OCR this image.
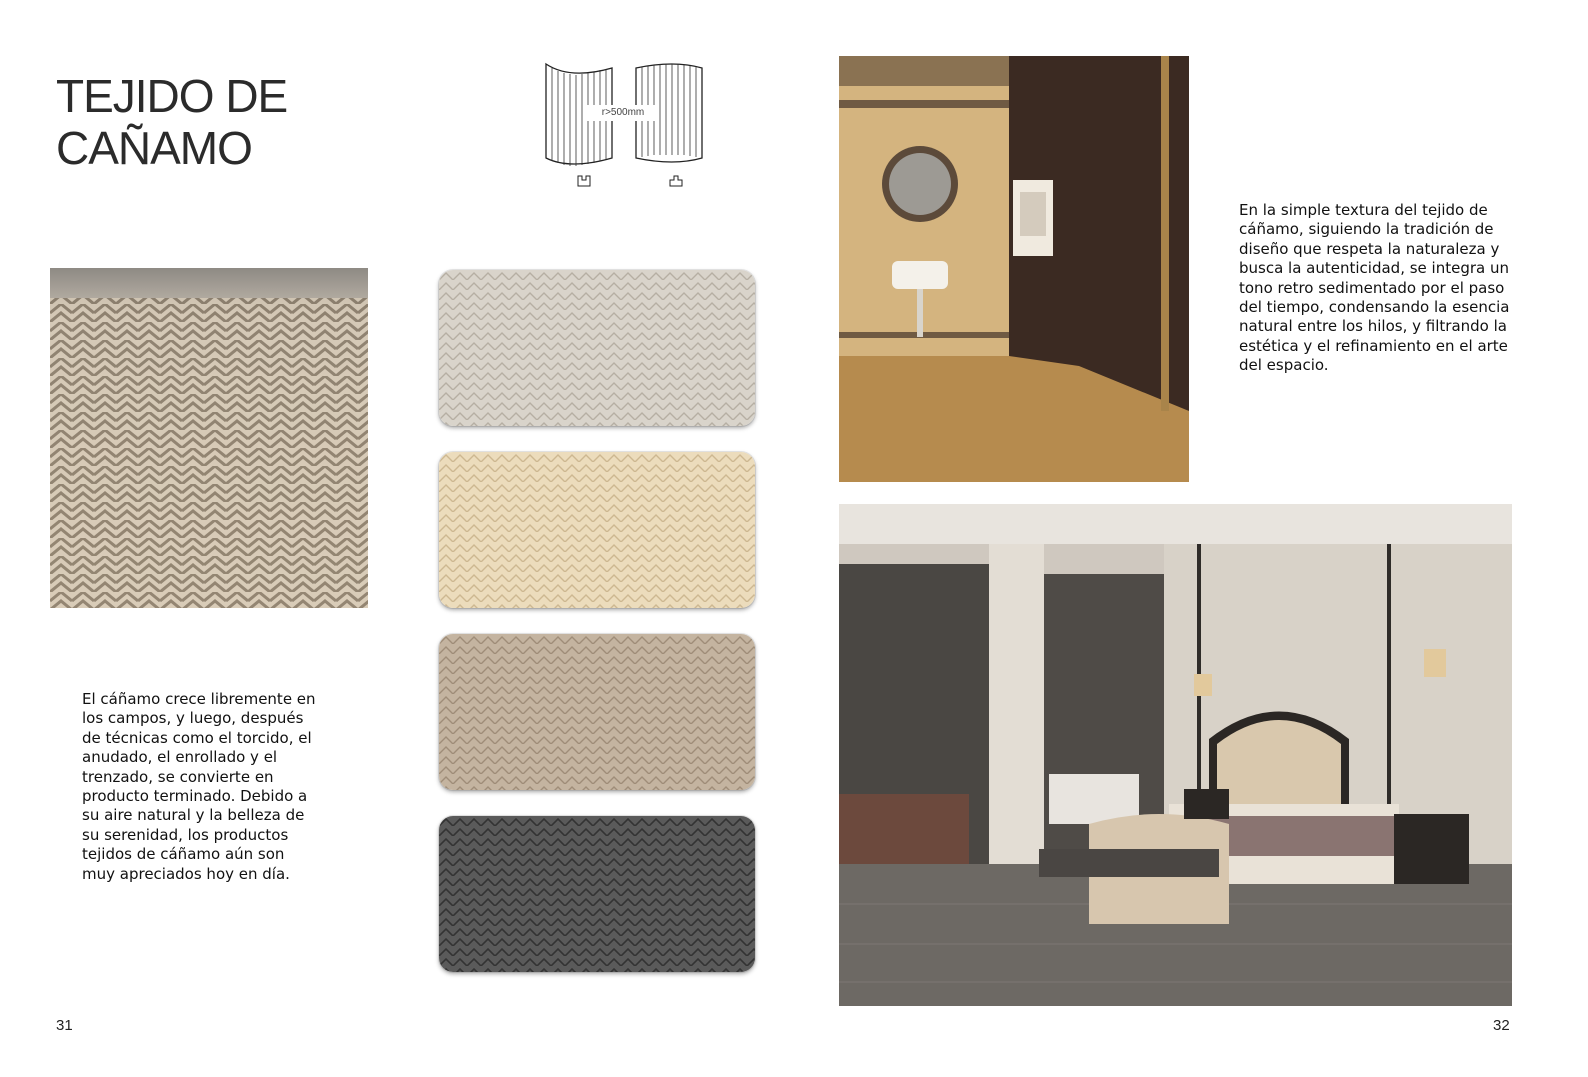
TEJIDO DE
CAÑAMO
r>500mm
En la simple textura del tejido de cáñamo, siguiendo la tradición de diseño que respeta la naturaleza y busca la autenticidad, se integra un tono retro sedimentado por el paso del tiempo, condensando la esencia natural entre los hilos, y filtrando la estética y el refinamiento en el arte del espacio.
El cáñamo crece libremente en los campos, y luego, después de técnicas como el torcido, el anudado, el enrollado y el trenzado, se convierte en producto terminado. Debido a su aire natural y la belleza de su serenidad, los productos tejidos de cáñamo aún son muy apreciados hoy en día.
31	32
